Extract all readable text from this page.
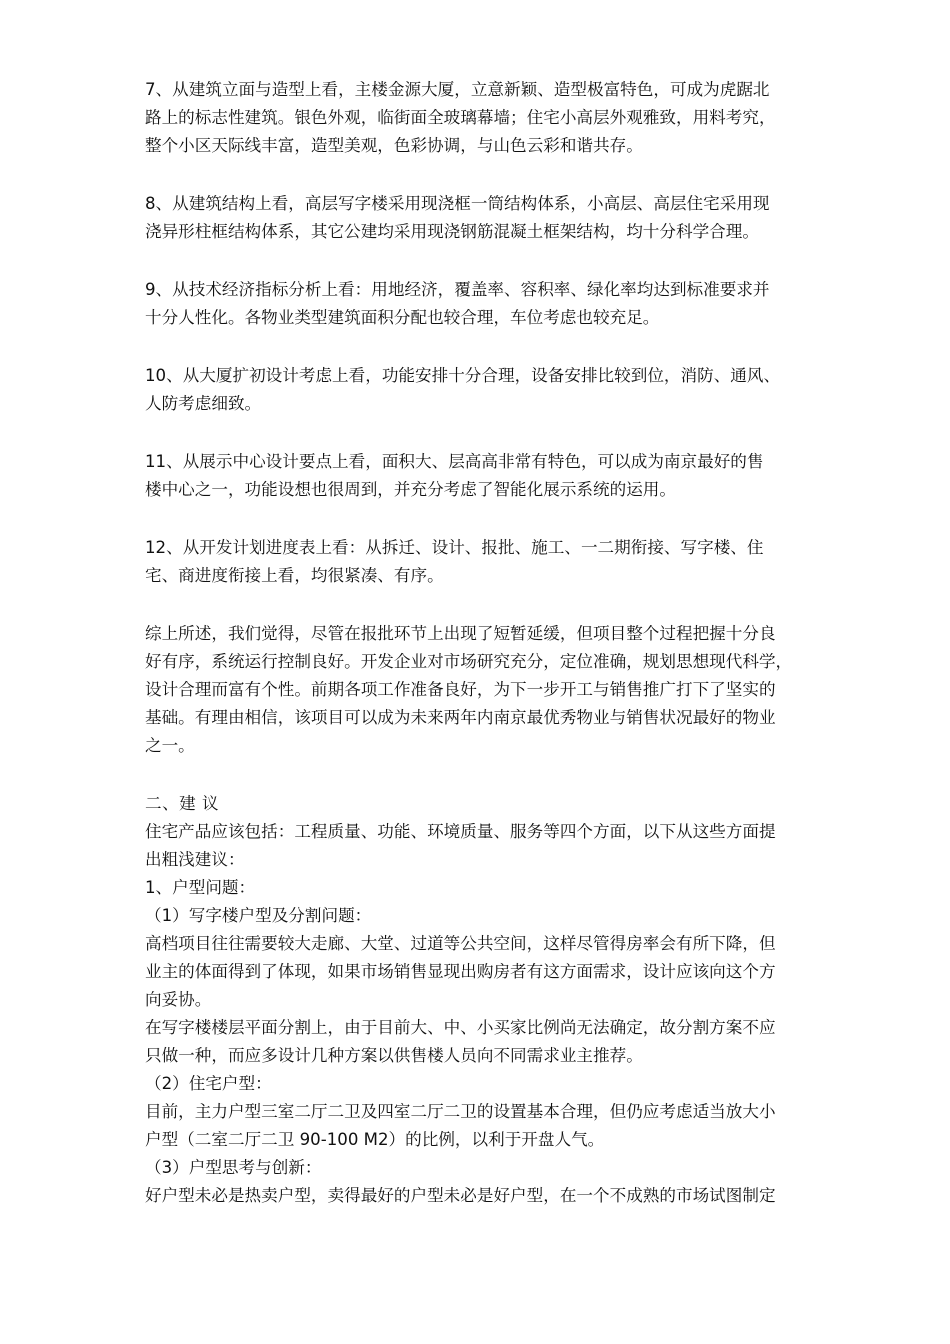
7、从建筑立面与造型上看，主楼金源大厦，立意新颖、造型极富特色，可成为虎踞北
路上的标志性建筑。银色外观，临街面全玻璃幕墙；住宅小高层外观雅致，用料考究，
整个小区天际线丰富，造型美观，色彩协调，与山色云彩和谐共存。

8、从建筑结构上看，高层写字楼采用现浇框一筒结构体系，小高层、高层住宅采用现
浇异形柱框结构体系，其它公建均采用现浇钢筋混凝土框架结构，均十分科学合理。

9、从技术经济指标分析上看：用地经济，覆盖率、容积率、绿化率均达到标准要求并
十分人性化。各物业类型建筑面积分配也较合理，车位考虑也较充足。

10、从大厦扩初设计考虑上看，功能安排十分合理，设备安排比较到位，消防、通风、
人防考虑细致。

11、从展示中心设计要点上看，面积大、层高高非常有特色，可以成为南京最好的售
楼中心之一，功能设想也很周到，并充分考虑了智能化展示系统的运用。

12、从开发计划进度表上看：从拆迁、设计、报批、施工、一二期衔接、写字楼、住
宅、商进度衔接上看，均很紧凑、有序。

综上所述，我们觉得，尽管在报批环节上出现了短暂延缓，但项目整个过程把握十分良
好有序，系统运行控制良好。开发企业对市场研究充分，定位准确，规划思想现代科学，
设计合理而富有个性。前期各项工作准备良好，为下一步开工与销售推广打下了坚实的
基础。有理由相信，该项目可以成为未来两年内南京最优秀物业与销售状况最好的物业
之一。

二、建 议
住宅产品应该包括：工程质量、功能、环境质量、服务等四个方面，以下从这些方面提
出粗浅建议：
1、户型问题：
（1）写字楼户型及分割问题：
高档项目往往需要较大走廊、大堂、过道等公共空间，这样尽管得房率会有所下降，但
业主的体面得到了体现，如果市场销售显现出购房者有这方面需求，设计应该向这个方
向妥协。
在写字楼楼层平面分割上，由于目前大、中、小买家比例尚无法确定，故分割方案不应
只做一种，而应多设计几种方案以供售楼人员向不同需求业主推荐。
（2）住宅户型：
目前，主力户型三室二厅二卫及四室二厅二卫的设置基本合理，但仍应考虑适当放大小
户型（二室二厅二卫 90-100 M2）的比例，以利于开盘人气。
（3）户型思考与创新：
好户型未必是热卖户型，卖得最好的户型未必是好户型，在一个不成熟的市场试图制定
